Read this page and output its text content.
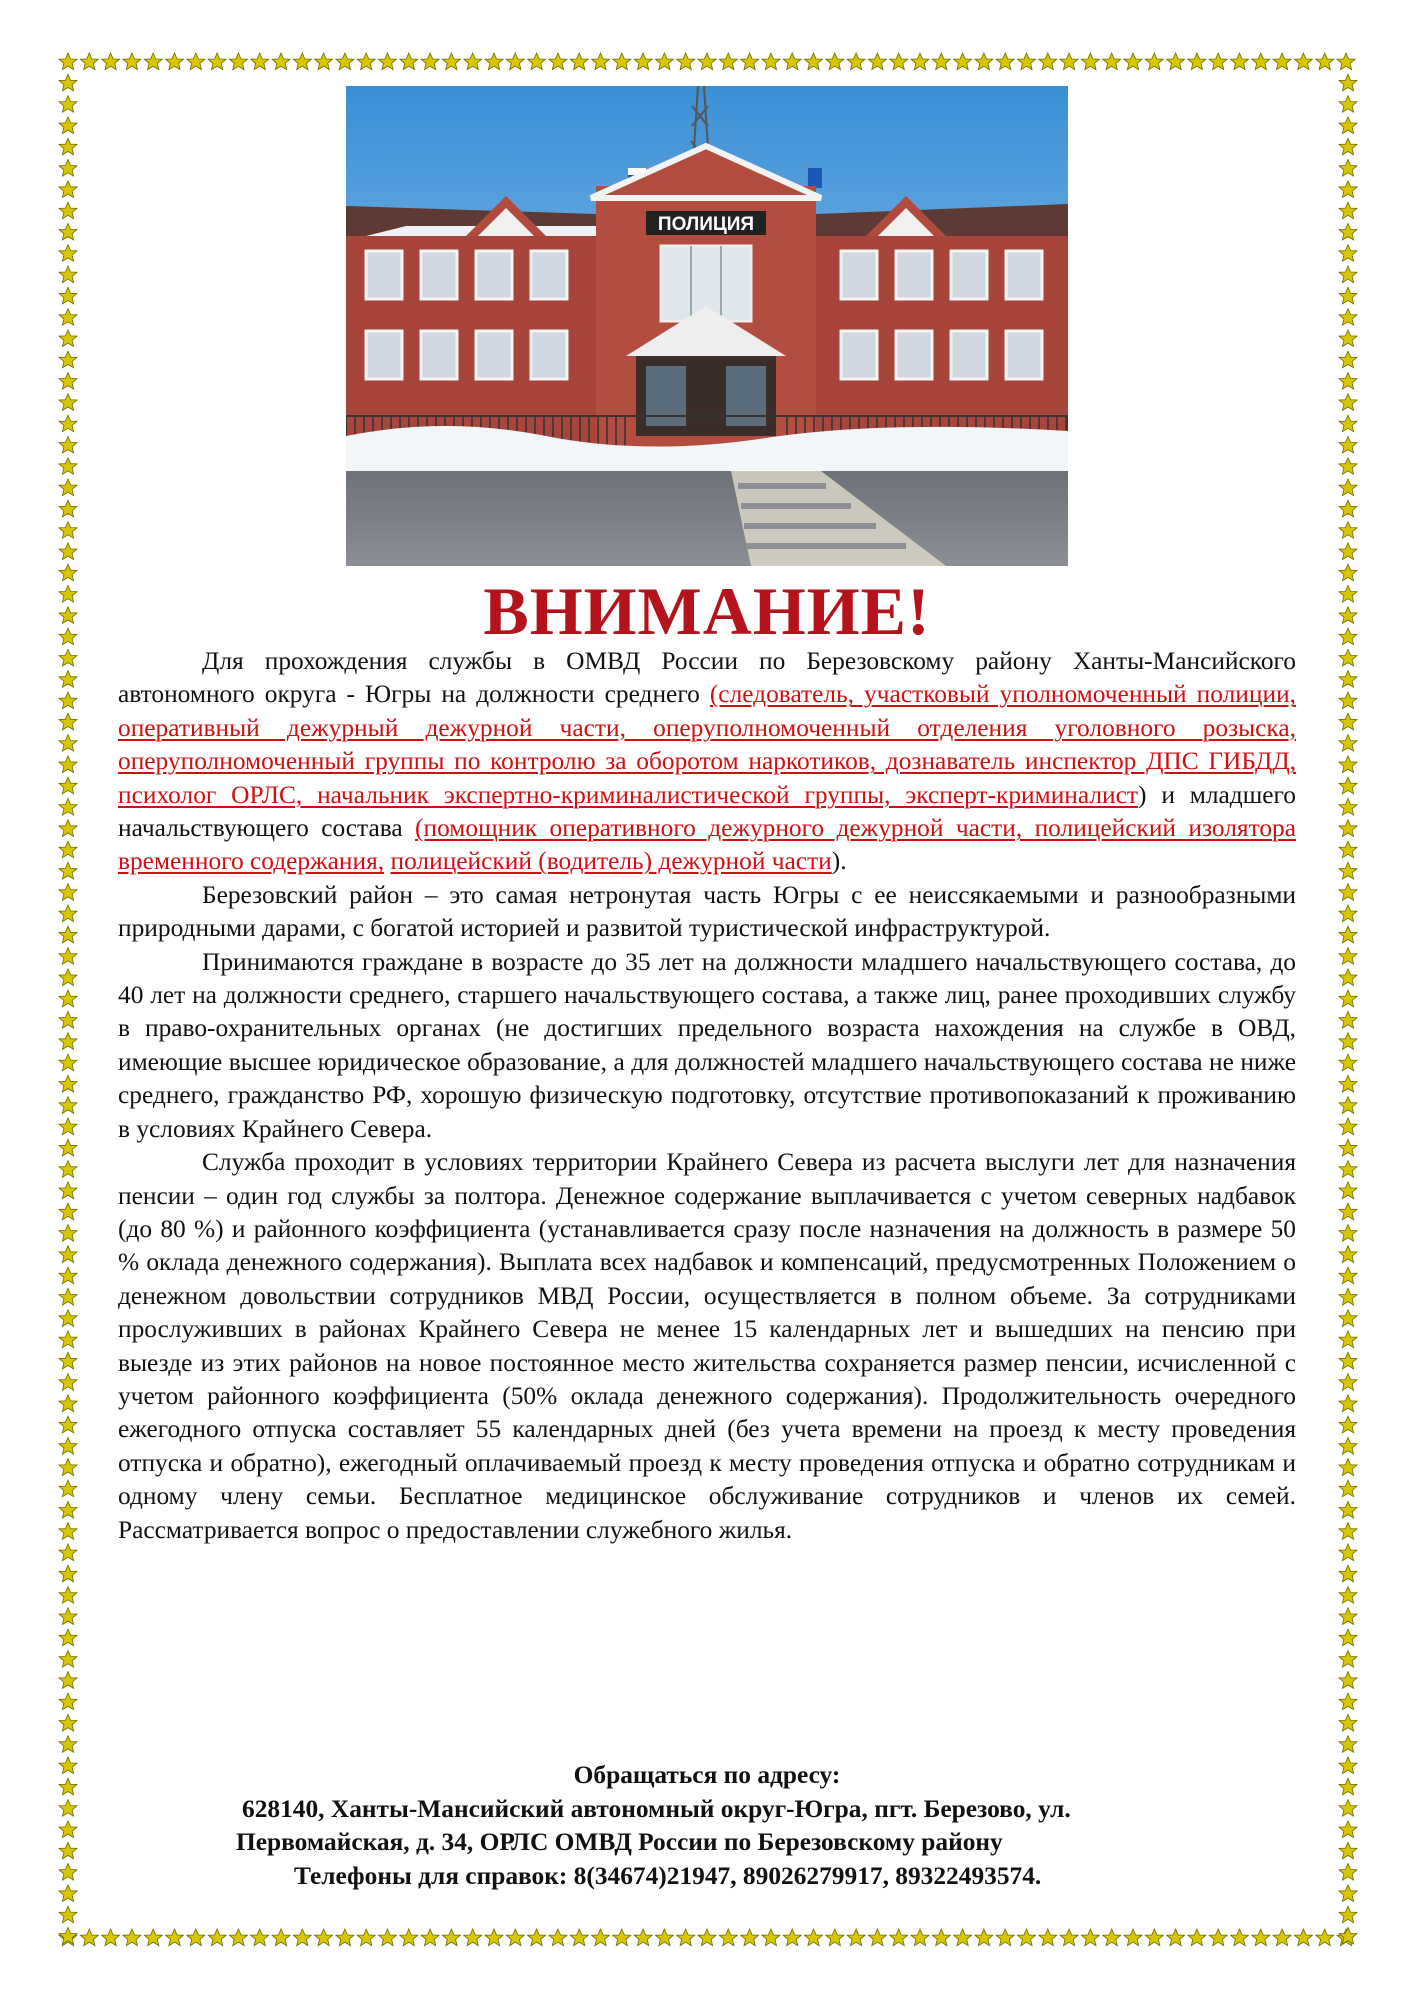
ПОЛИЦИЯ
ВНИМАНИЕ!

Для прохождения службы в ОМВД России по Березовскому району Ханты-Мансийского автономного округа - Югры на должности среднего (следователь, участковый уполномоченный полиции, оперативный дежурный дежурной части, оперуполномоченный отделения уголовного розыска, оперуполномоченный группы по контролю за оборотом наркотиков, дознаватель инспектор ДПС ГИБДД, психолог ОРЛС, начальник экспертно-криминалистической группы, эксперт-криминалист) и младшего начальствующего состава (помощник оперативного дежурного дежурной части, полицейский изолятора временного содержания, полицейский (водитель) дежурной части).

Березовский район – это самая нетронутая часть Югры с ее неиссякаемыми и разнообразными природными дарами, с богатой историей и развитой туристической инфраструктурой.

Принимаются граждане в возрасте до 35 лет на должности младшего начальствующего состава, до 40 лет на должности среднего, старшего начальствующего состава, а также лиц, ранее проходивших службу в право-охранительных органах (не достигших предельного возраста нахождения на службе в ОВД, имеющие высшее юридическое образование, а для должностей младшего начальствующего состава не ниже среднего, гражданство РФ, хорошую физическую подготовку, отсутствие противопоказаний к проживанию в условиях Крайнего Севера.

Служба проходит в условиях территории Крайнего Севера из расчета выслуги лет для назначения пенсии – один год службы за полтора. Денежное содержание выплачивается с учетом северных надбавок (до 80 %) и районного коэффициента (устанавливается сразу после назначения на должность в размере 50 % оклада денежного содержания). Выплата всех надбавок и компенсаций, предусмотренных Положением о денежном довольствии сотрудников МВД России, осуществляется в полном объеме. За сотрудниками прослуживших в районах Крайнего Севера не менее 15 календарных лет и вышедших на пенсию при выезде из этих районов на новое постоянное место жительства сохраняется размер пенсии, исчисленной с учетом районного коэффициента (50% оклада денежного содержания). Продолжительность очередного ежегодного отпуска составляет 55 календарных дней (без учета времени на проезд к месту проведения отпуска и обратно), ежегодный оплачиваемый проезд к месту проведения отпуска и обратно сотрудникам и одному члену семьи. Бесплатное медицинское обслуживание сотрудников и членов их семей. Рассматривается вопрос о предоставлении служебного жилья.

Обращаться по адресу:
628140, Ханты-Мансийский автономный округ-Югра, пгт. Березово, ул.
Первомайская, д. 34, ОРЛС ОМВД России по Березовскому району
Телефоны для справок: 8(34674)21947, 89026279917, 89322493574.
